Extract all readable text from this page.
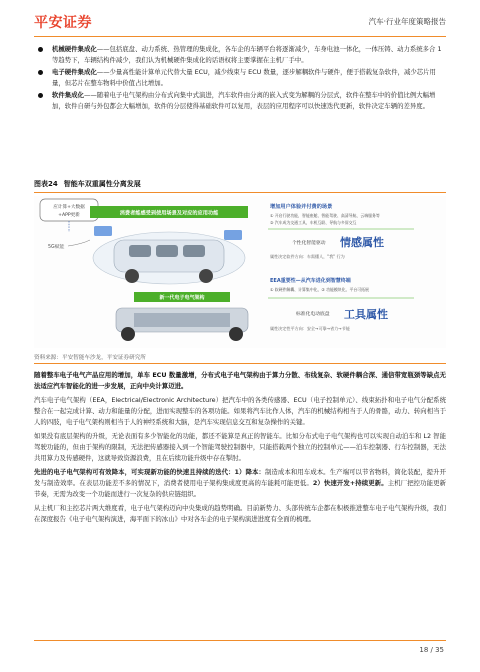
平安证券	汽车·行业年度策略报告
机械硬件集成化——包括底盘、动力系统、热管理的集成化，各车企的车辆平台将逐渐减少，车身电池一体化，一体压铸、动力系统多合 1 等趋势下，车辆结构件减少，我们认为机械硬件集成化的话语权将主要掌握在主机厂手中。
电子硬件集成化——少量高性能计算单元代替大量 ECU，减少线束与 ECU 数量，逐步解耦软件与硬件，便于搭载复杂软件，减少芯片用量，但芯片在整车物料中价值占比增加。
软件集成化——随着电子电气架构由分布式向集中式演进，汽车软件由分离的嵌入式变为解耦的分层式，软件在整车中的价值比例大幅增加，软件自研与外包都会大幅增加，软件的分层使得基础软件可以复用，表层的应用程序可以快速迭代更新，软件决定车辆的差异度。
图表24 智能车双重属性分离发展
应计算+大数据
+APP更新
5G赋能
消费者能感受到使用场景及对应的应用功能
新一代电子电气架构
增加用户体验并付费的场景
① 开启行驶功能，智能座舱、智能驾驶、高清导航、云端服务等
② 汽车成为交通工具，车机互联、导航与多屏交互
个性化智能驱动 情感属性
属性决定软件方向：车需懂人，"我" 行为
EEA重要性—从汽车进化到智慧终端
① 软硬件解耦、计算集中化、② 功能模块化、平台可拓展
标准化电动底盘 工具属性
属性决定性平方向：安全→可靠→省力→节能
资料来源：平安智能车沙龙，平安证券研究所

随着整车电子电气产品应用的增加，单车 ECU 数量激增，分布式电子电气架构由于算力分散、布线复杂、软硬件耦合深、通信带宽瓶颈等缺点无法适应汽车智能化的进一步发展，正向中央计算迈进。

汽车电子电气架构（EEA，Electrical/Electronic Architecture）把汽车中的各类传感器、ECU（电子控制单元）、线束拓扑和电子电气分配系统整合在一起完成计算、动力和能量的分配，进而实现整车的各项功能。如果将汽车比作人体，汽车的机械结构相当于人的骨骼，动力、转向相当于人的四肢，电子电气架构则相当于人的神经系统和大脑，是汽车实现信息交互和复杂操作的关键。

如果没有底层架构的升级，无论表面有多少智能化的功能，都还不能算是真正的智能车。比如分布式电子电气架构也可以实现自动泊车和 L2 智能驾驶功能的，但由于架构的限制，无法把传感器接入到一个智能驾驶控制器中，只能搭载两个独立的控制单元——泊车控制器、行车控制器，无法共用算力及传感硬件，这就导致资源浪费，且在后续功能升级中存在掣肘。

先进的电子电气架构可有效降本，可实现新功能的快速且持续的迭代：1）降本：制造成本和用车成本。生产端可以节省物料，简化装配，提升开发与制造效率。在表层功能差不多的情况下，消费者使用电子架构集成度更高的车能耗可能更低。2）快速开发+持续更新。主机厂把控功能更新节奏，无需为改变一个功能而进行一次复杂的供应链组织。

从主机厂和主控芯片两大维度看，电子电气架构迈向中央集成的趋势明确。目前新势力、头部传统车企都在积极推进整车电子电气架构升级，我们在深度报告《电子电气架构演进，海平面下的冰山》中对各车企的电子架构演进进度有全面的梳理。

18 / 35
